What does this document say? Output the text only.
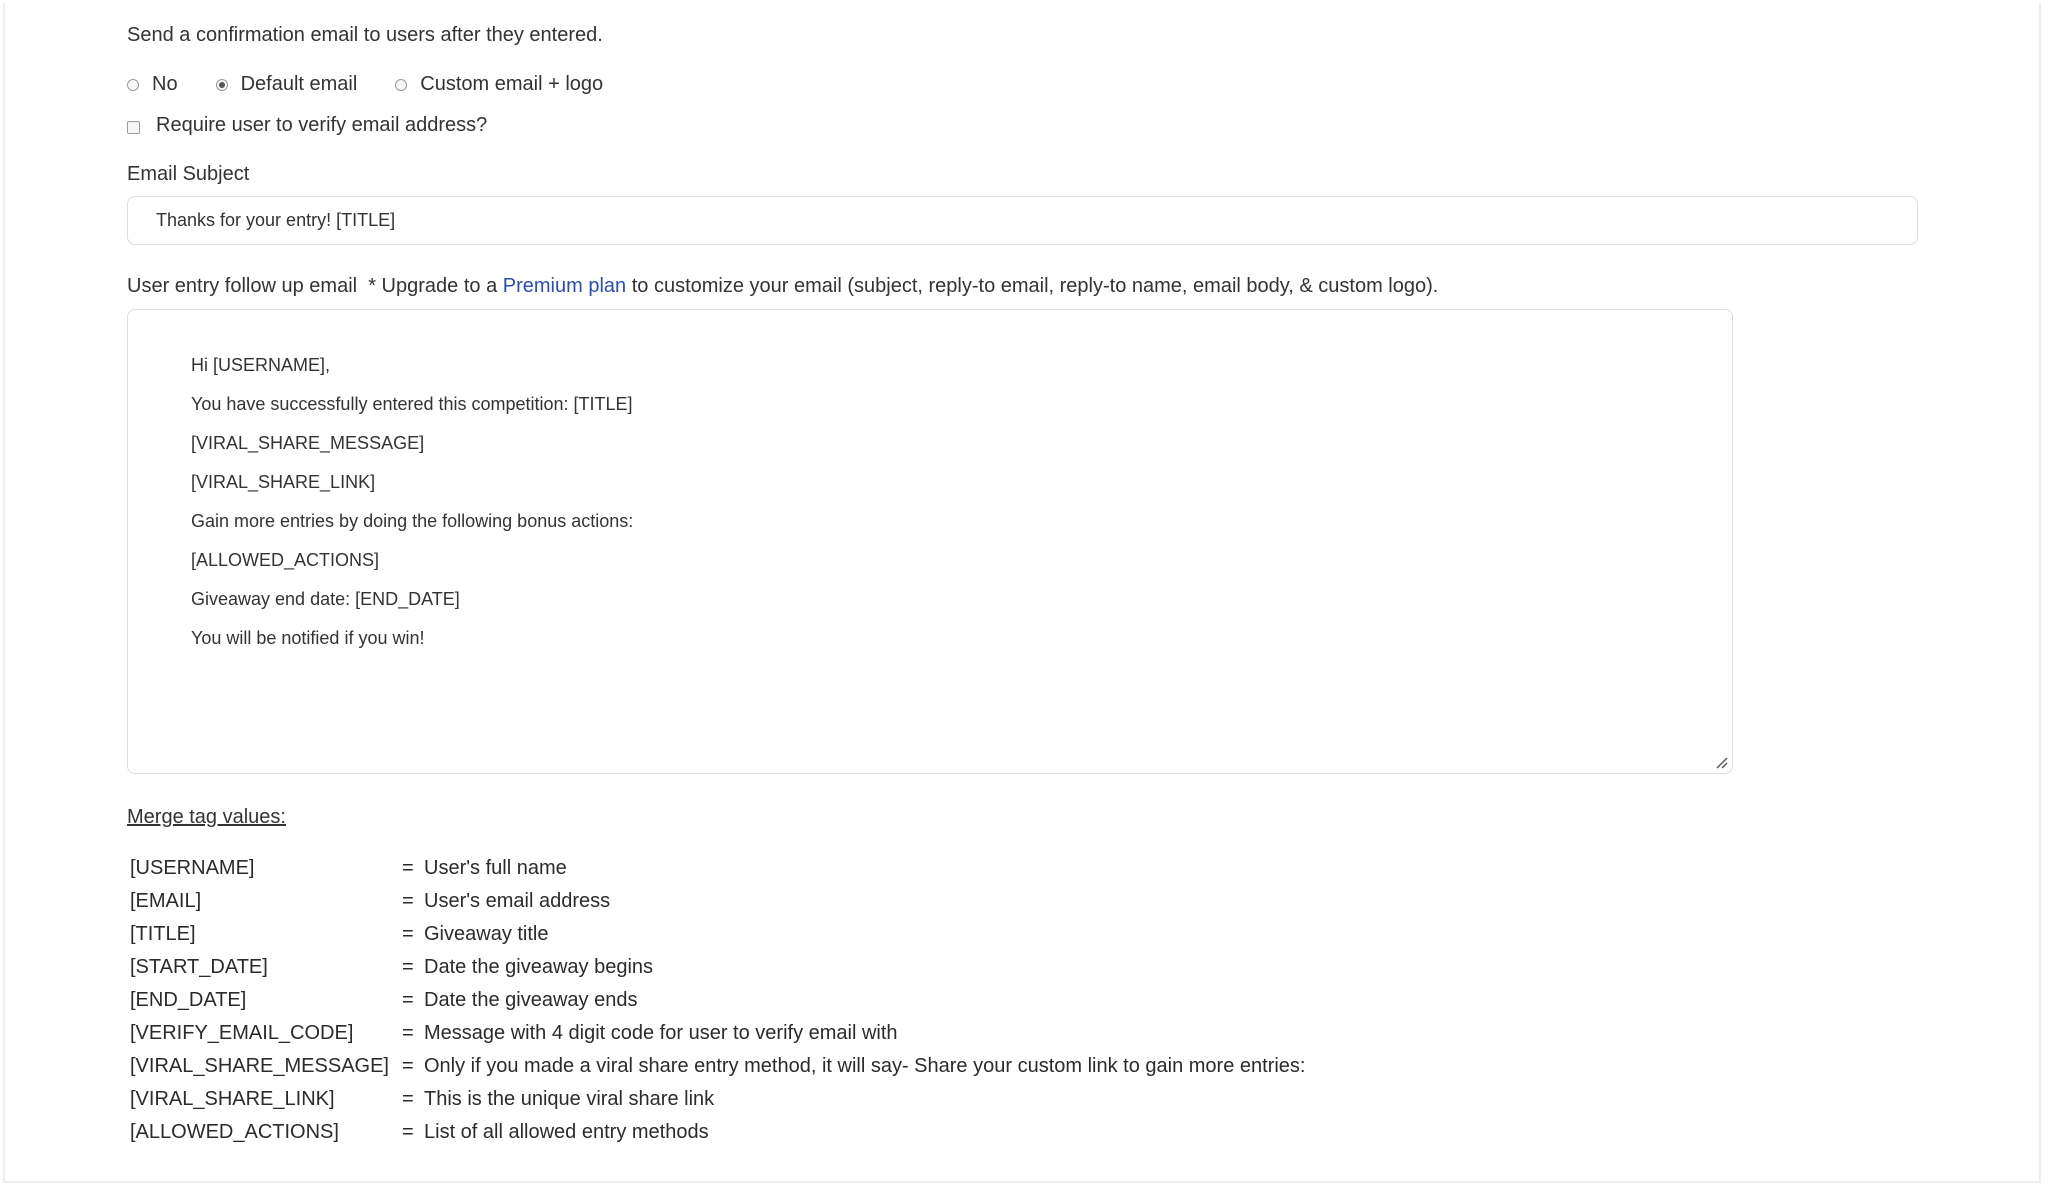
Send a confirmation email to users after they entered.
No	Default email	Custom email + logo
Require user to verify email address?
Email Subject
Thanks for your entry! [TITLE]
User entry follow up email * Upgrade to a Premium plan to customize your email (subject, reply-to email, reply-to name, email body, & custom logo).
Hi [USERNAME],
You have successfully entered this competition: [TITLE]
[VIRAL_SHARE_MESSAGE]
[VIRAL_SHARE_LINK]
Gain more entries by doing the following bonus actions:
[ALLOWED_ACTIONS]
Giveaway end date: [END_DATE]
You will be notified if you win!
Merge tag values:
[USERNAME]	= User's full name
[EMAIL]	= User's email address
[TITLE]	= Giveaway title
[START_DATE]	= Date the giveaway begins
[END_DATE]	= Date the giveaway ends
[VERIFY_EMAIL_CODE]	= Message with 4 digit code for user to verify email with
[VIRAL_SHARE_MESSAGE] = Only if you made a viral share entry method, it will say- Share your custom link to gain more entries:
[VIRAL_SHARE_LINK]	= This is the unique viral share link
[ALLOWED_ACTIONS]	= List of all allowed entry methods
